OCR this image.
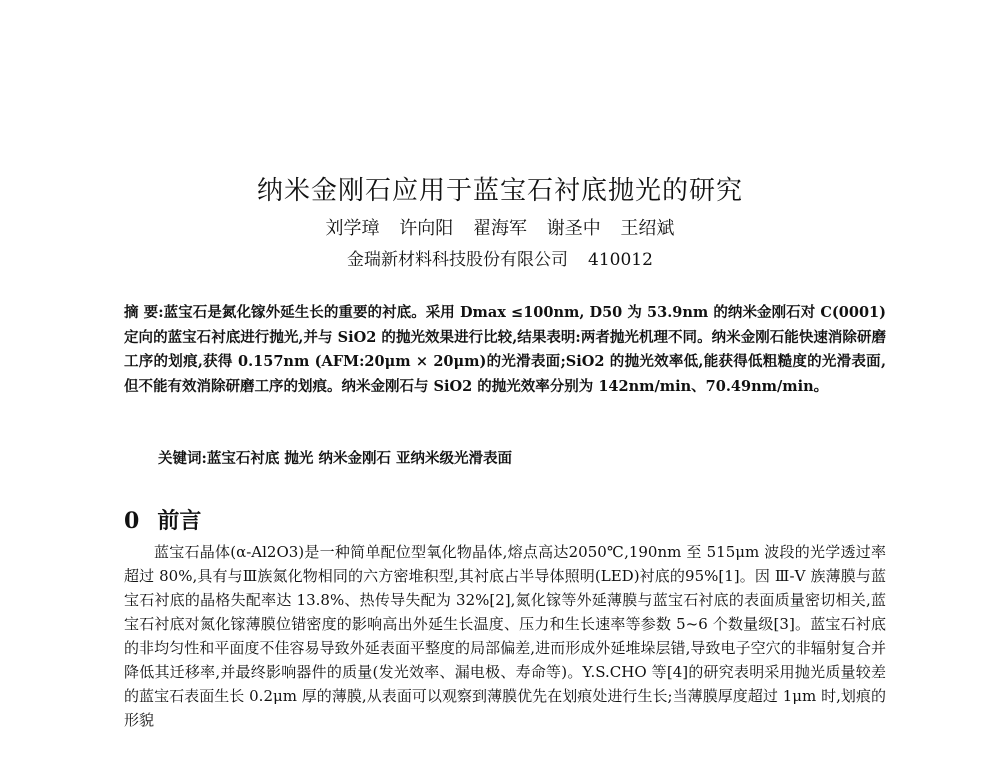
纳米金刚石应用于蓝宝石衬底抛光的研究
刘学璋 许向阳 翟海军 谢圣中 王绍斌
金瑞新材料科技股份有限公司 410012
摘 要:蓝宝石是氮化镓外延生长的重要的衬底。采用 Dmax ≤100nm, D50 为 53.9nm 的纳米金刚石对 C(0001)定向的蓝宝石衬底进行抛光,并与 SiO2 的抛光效果进行比较,结果表明:两者抛光机理不同。纳米金刚石能快速消除研磨工序的划痕,获得 0.157nm (AFM:20μm × 20μm)的光滑表面;SiO2 的抛光效率低,能获得低粗糙度的光滑表面,但不能有效消除研磨工序的划痕。纳米金刚石与 SiO2 的抛光效率分别为 142nm/min、70.49nm/min。
关键词:蓝宝石衬底 抛光 纳米金刚石 亚纳米级光滑表面
0 前言

蓝宝石晶体(α-Al2O3)是一种简单配位型氧化物晶体,熔点高达2050℃,190nm 至 515μm 波段的光学透过率超过 80%,具有与Ⅲ族氮化物相同的六方密堆积型,其衬底占半导体照明(LED)衬底的95%[1]。因 Ⅲ-Ⅴ 族薄膜与蓝宝石衬底的晶格失配率达 13.8%、热传导失配为 32%[2],氮化镓等外延薄膜与蓝宝石衬底的表面质量密切相关,蓝宝石衬底对氮化镓薄膜位错密度的影响高出外延生长温度、压力和生长速率等参数 5~6 个数量级[3]。蓝宝石衬底的非均匀性和平面度不佳容易导致外延表面平整度的局部偏差,进而形成外延堆垛层错,导致电子空穴的非辐射复合并降低其迁移率,并最终影响器件的质量(发光效率、漏电极、寿命等)。Y.S.CHO 等[4]的研究表明采用抛光质量较差的蓝宝石表面生长 0.2μm 厚的薄膜,从表面可以观察到薄膜优先在划痕处进行生长;当薄膜厚度超过 1μm 时,划痕的形貌
